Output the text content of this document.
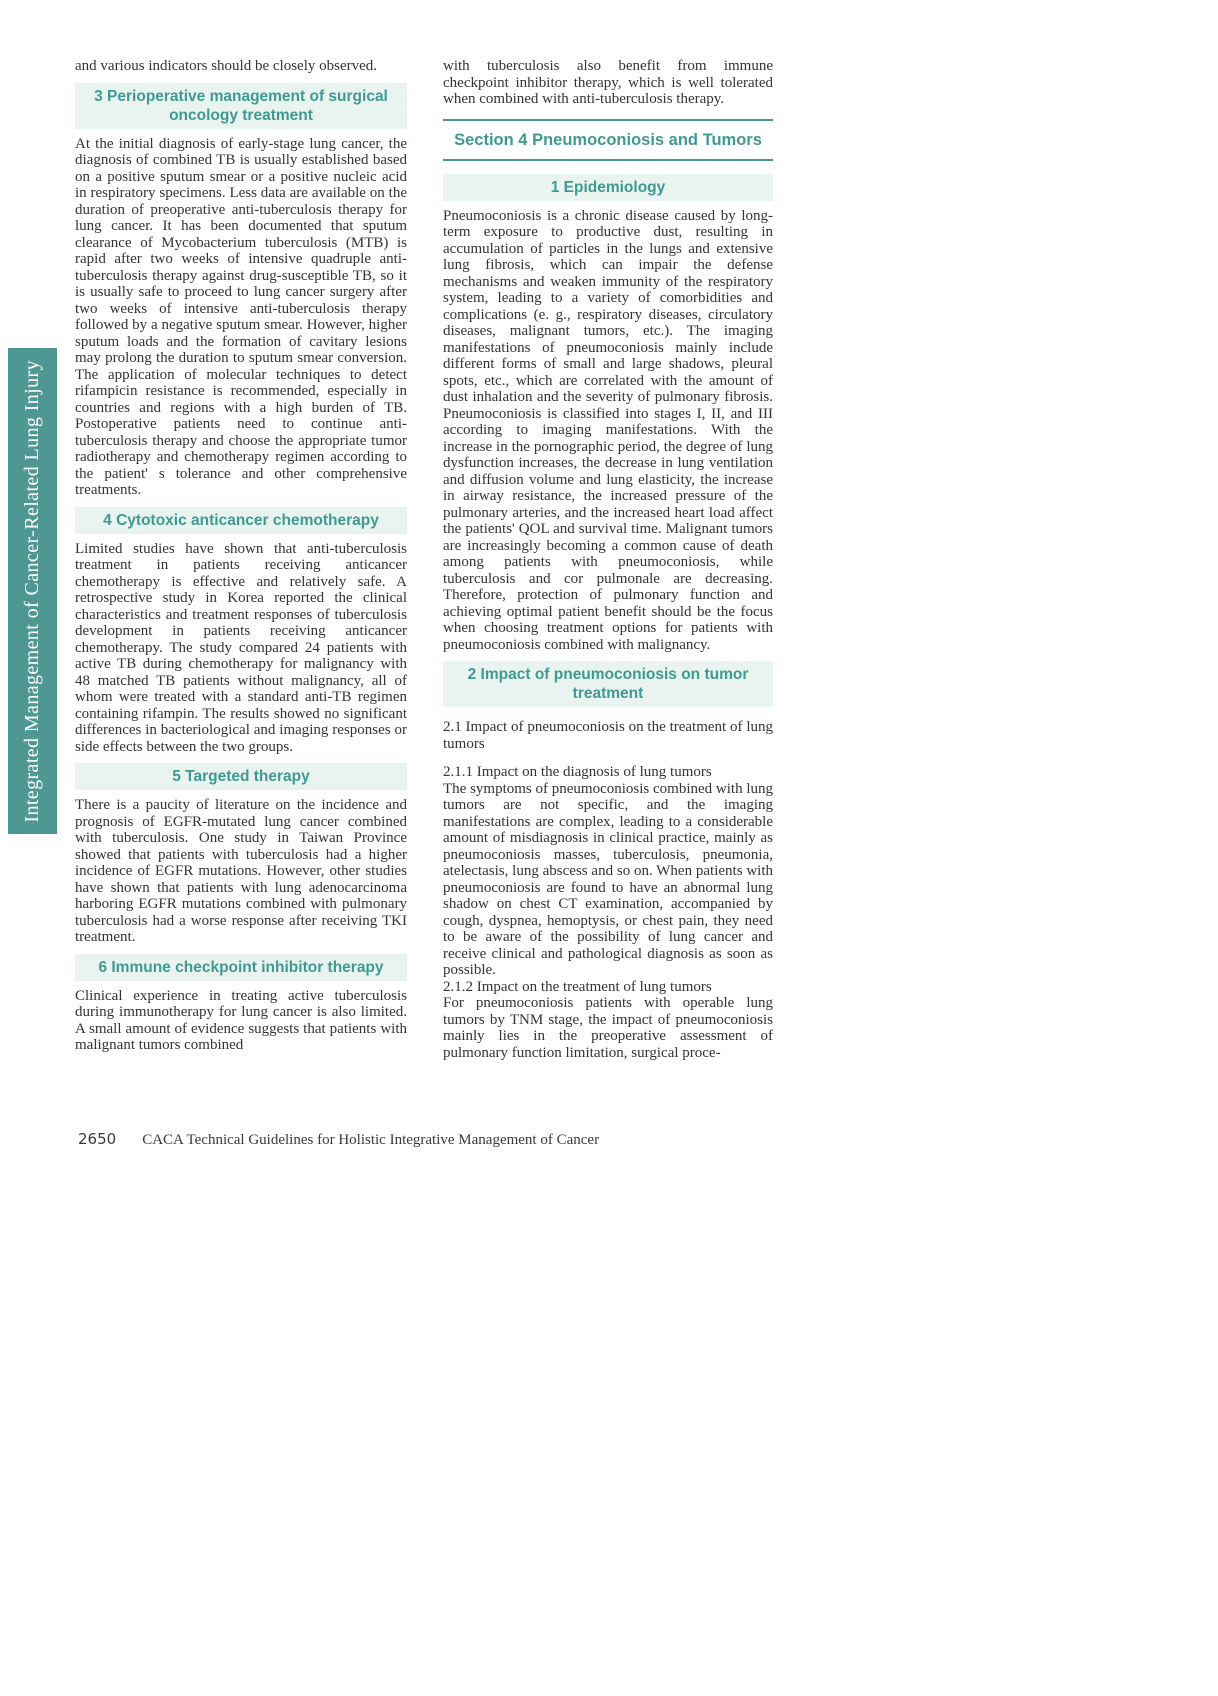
Integrated Management of Cancer-Related Lung Injury

and various indicators should be closely observed.

3 Perioperative management of surgical oncology treatment

At the initial diagnosis of early-stage lung cancer, the diagnosis of combined TB is usually established based on a positive sputum smear or a positive nucleic acid in respiratory specimens. Less data are available on the duration of preoperative anti-tuberculosis therapy for lung cancer. It has been documented that sputum clearance of Mycobacterium tuberculosis (MTB) is rapid after two weeks of intensive quadruple anti-tuberculosis therapy against drug-susceptible TB, so it is usually safe to proceed to lung cancer surgery after two weeks of intensive anti-tuberculosis therapy followed by a negative sputum smear. However, higher sputum loads and the formation of cavitary lesions may prolong the duration to sputum smear conversion. The application of molecular techniques to detect rifampicin resistance is recommended, especially in countries and regions with a high burden of TB. Postoperative patients need to continue anti-tuberculosis therapy and choose the appropriate tumor radiotherapy and chemotherapy regimen according to the patient' s tolerance and other comprehensive treatments.

4 Cytotoxic anticancer chemotherapy

Limited studies have shown that anti-tuberculosis treatment in patients receiving anticancer chemotherapy is effective and relatively safe. A retrospective study in Korea reported the clinical characteristics and treatment responses of tuberculosis development in patients receiving anticancer chemotherapy. The study compared 24 patients with active TB during chemotherapy for malignancy with 48 matched TB patients without malignancy, all of whom were treated with a standard anti-TB regimen containing rifampin. The results showed no significant differences in bacteriological and imaging responses or side effects between the two groups.

5 Targeted therapy

There is a paucity of literature on the incidence and prognosis of EGFR-mutated lung cancer combined with tuberculosis. One study in Taiwan Province showed that patients with tuberculosis had a higher incidence of EGFR mutations. However, other studies have shown that patients with lung adenocarcinoma harboring EGFR mutations combined with pulmonary tuberculosis had a worse response after receiving TKI treatment.

6 Immune checkpoint inhibitor therapy

Clinical experience in treating active tuberculosis during immunotherapy for lung cancer is also limited. A small amount of evidence suggests that patients with malignant tumors combined

with tuberculosis also benefit from immune checkpoint inhibitor therapy, which is well tolerated when combined with anti-tuberculosis therapy.

Section 4 Pneumoconiosis and Tumors
1 Epidemiology

Pneumoconiosis is a chronic disease caused by long-term exposure to productive dust, resulting in accumulation of particles in the lungs and extensive lung fibrosis, which can impair the defense mechanisms and weaken immunity of the respiratory system, leading to a variety of comorbidities and complications (e. g., respiratory diseases, circulatory diseases, malignant tumors, etc.). The imaging manifestations of pneumoconiosis mainly include different forms of small and large shadows, pleural spots, etc., which are correlated with the amount of dust inhalation and the severity of pulmonary fibrosis. Pneumoconiosis is classified into stages I, II, and III according to imaging manifestations. With the increase in the pornographic period, the degree of lung dysfunction increases, the decrease in lung ventilation and diffusion volume and lung elasticity, the increase in airway resistance, the increased pressure of the pulmonary arteries, and the increased heart load affect the patients' QOL and survival time. Malignant tumors are increasingly becoming a common cause of death among patients with pneumoconiosis, while tuberculosis and cor pulmonale are decreasing. Therefore, protection of pulmonary function and achieving optimal patient benefit should be the focus when choosing treatment options for patients with pneumoconiosis combined with malignancy.

2 Impact of pneumoconiosis on tumor treatment

2.1 Impact of pneumoconiosis on the treatment of lung tumors

2.1.1 Impact on the diagnosis of lung tumors

The symptoms of pneumoconiosis combined with lung tumors are not specific, and the imaging manifestations are complex, leading to a considerable amount of misdiagnosis in clinical practice, mainly as pneumoconiosis masses, tuberculosis, pneumonia, atelectasis, lung abscess and so on. When patients with pneumoconiosis are found to have an abnormal lung shadow on chest CT examination, accompanied by cough, dyspnea, hemoptysis, or chest pain, they need to be aware of the possibility of lung cancer and receive clinical and pathological diagnosis as soon as possible.

2.1.2 Impact on the treatment of lung tumors

For pneumoconiosis patients with operable lung tumors by TNM stage, the impact of pneumoconiosis mainly lies in the preoperative assessment of pulmonary function limitation, surgical proce-

2650 CACA Technical Guidelines for Holistic Integrative Management of Cancer
